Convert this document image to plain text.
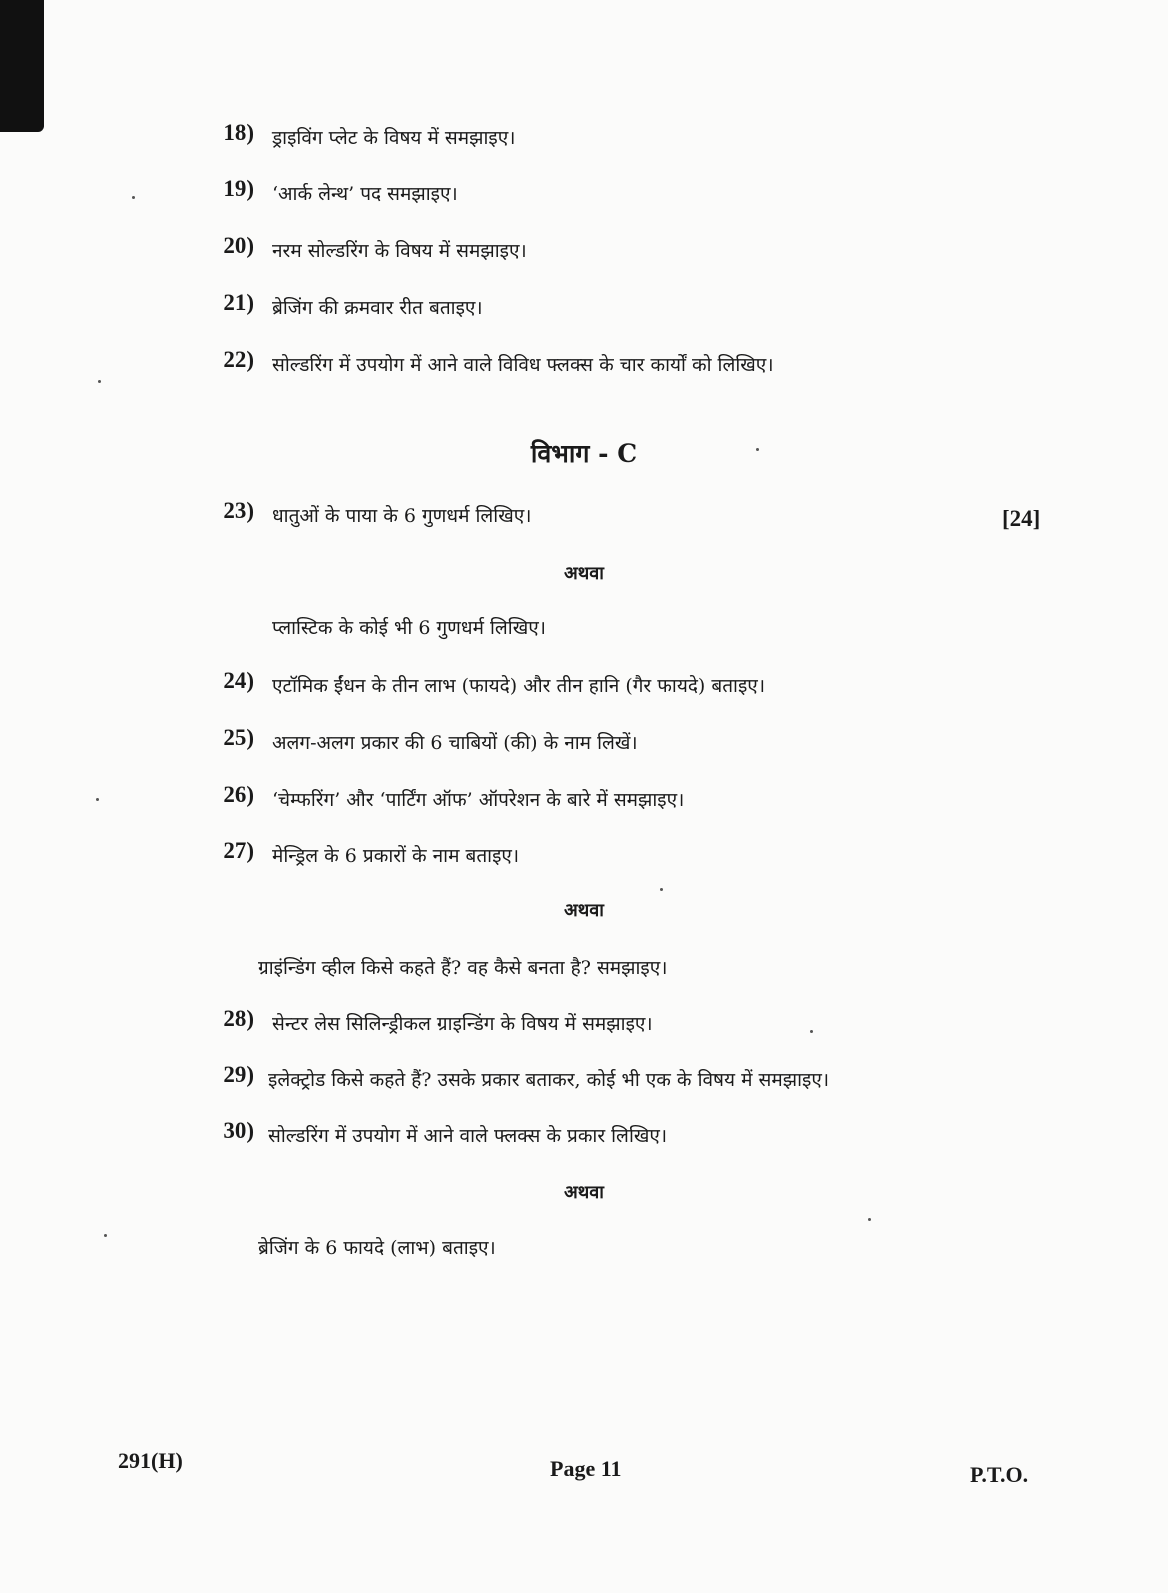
18) ड्राइविंग प्लेट के विषय में समझाइए।
19) ‘आर्क लेन्थ’ पद समझाइए।
20) नरम सोल्डरिंग के विषय में समझाइए।
21) ब्रेजिंग की क्रमवार रीत बताइए।
22) सोल्डरिंग में उपयोग में आने वाले विविध फ्लक्स के चार कार्यों को लिखिए।
विभाग - C
23) धातुओं के पाया के 6 गुणधर्म लिखिए।	[24]
अथवा
प्लास्टिक के कोई भी 6 गुणधर्म लिखिए।
24) एटॉमिक ईंधन के तीन लाभ (फायदे) और तीन हानि (गैर फायदे) बताइए।
25) अलग-अलग प्रकार की 6 चाबियों (की) के नाम लिखें।
26) ‘चेम्फरिंग’ और ‘पार्टिंग ऑफ’ ऑपरेशन के बारे में समझाइए।
27) मेन्ड्रिल के 6 प्रकारों के नाम बताइए।
अथवा
ग्राइंन्डिंग व्हील किसे कहते हैं? वह कैसे बनता है? समझाइए।
28) सेन्टर लेस सिलिन्ड्रीकल ग्राइन्डिंग के विषय में समझाइए।
29) इलेक्ट्रोड किसे कहते हैं? उसके प्रकार बताकर, कोई भी एक के विषय में समझाइए।
30) सोल्डरिंग में उपयोग में आने वाले फ्लक्स के प्रकार लिखिए।
अथवा
ब्रेजिंग के 6 फायदे (लाभ) बताइए।
291(H)	Page 11	P.T.O.
